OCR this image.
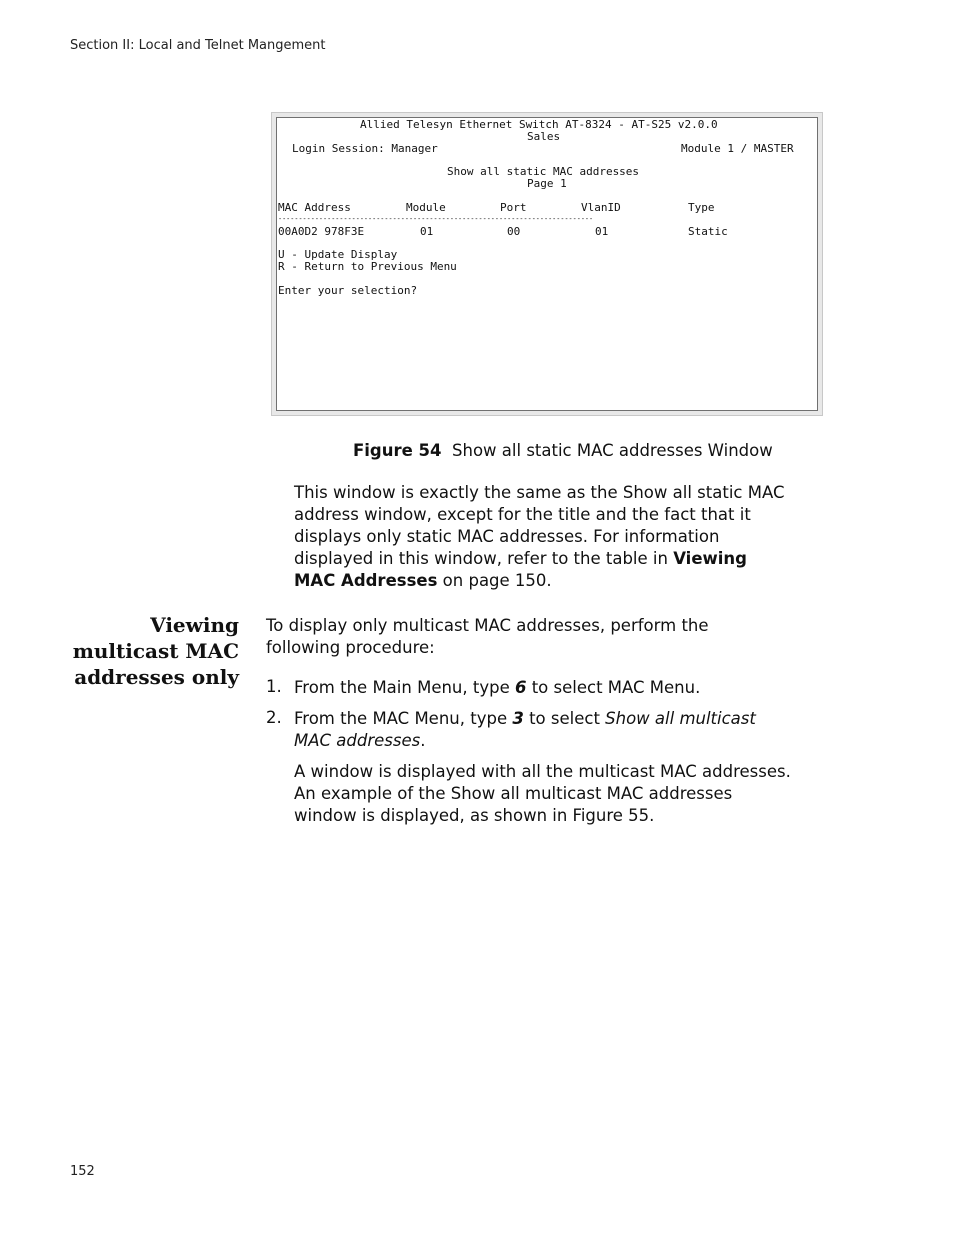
Section II: Local and Telnet Mangement
Allied Telesyn Ethernet Switch AT-8324 - AT-S25 v2.0.0
Sales
Login Session: Manager	Module 1 / MASTER
Show all static MAC addresses
Page 1
MAC Address	Module	Port	VlanID	Type
-----------------------------------------------------------------------------
00A0D2 978F3E	01	00	01	Static
U - Update Display
R - Return to Previous Menu
Enter your selection?
Figure 54 Show all static MAC addresses Window
This window is exactly the same as the Show all static MAC address window, except for the title and the fact that it displays only static MAC addresses. For information displayed in this window, refer to the table in Viewing MAC Addresses on page 150.
Viewing
multicast MAC
addresses only
To display only multicast MAC addresses, perform the following procedure:
1. From the Main Menu, type 6 to select MAC Menu.
2. From the MAC Menu, type 3 to select Show all multicast MAC addresses.
A window is displayed with all the multicast MAC addresses. An example of the Show all multicast MAC addresses window is displayed, as shown in Figure 55.
152
